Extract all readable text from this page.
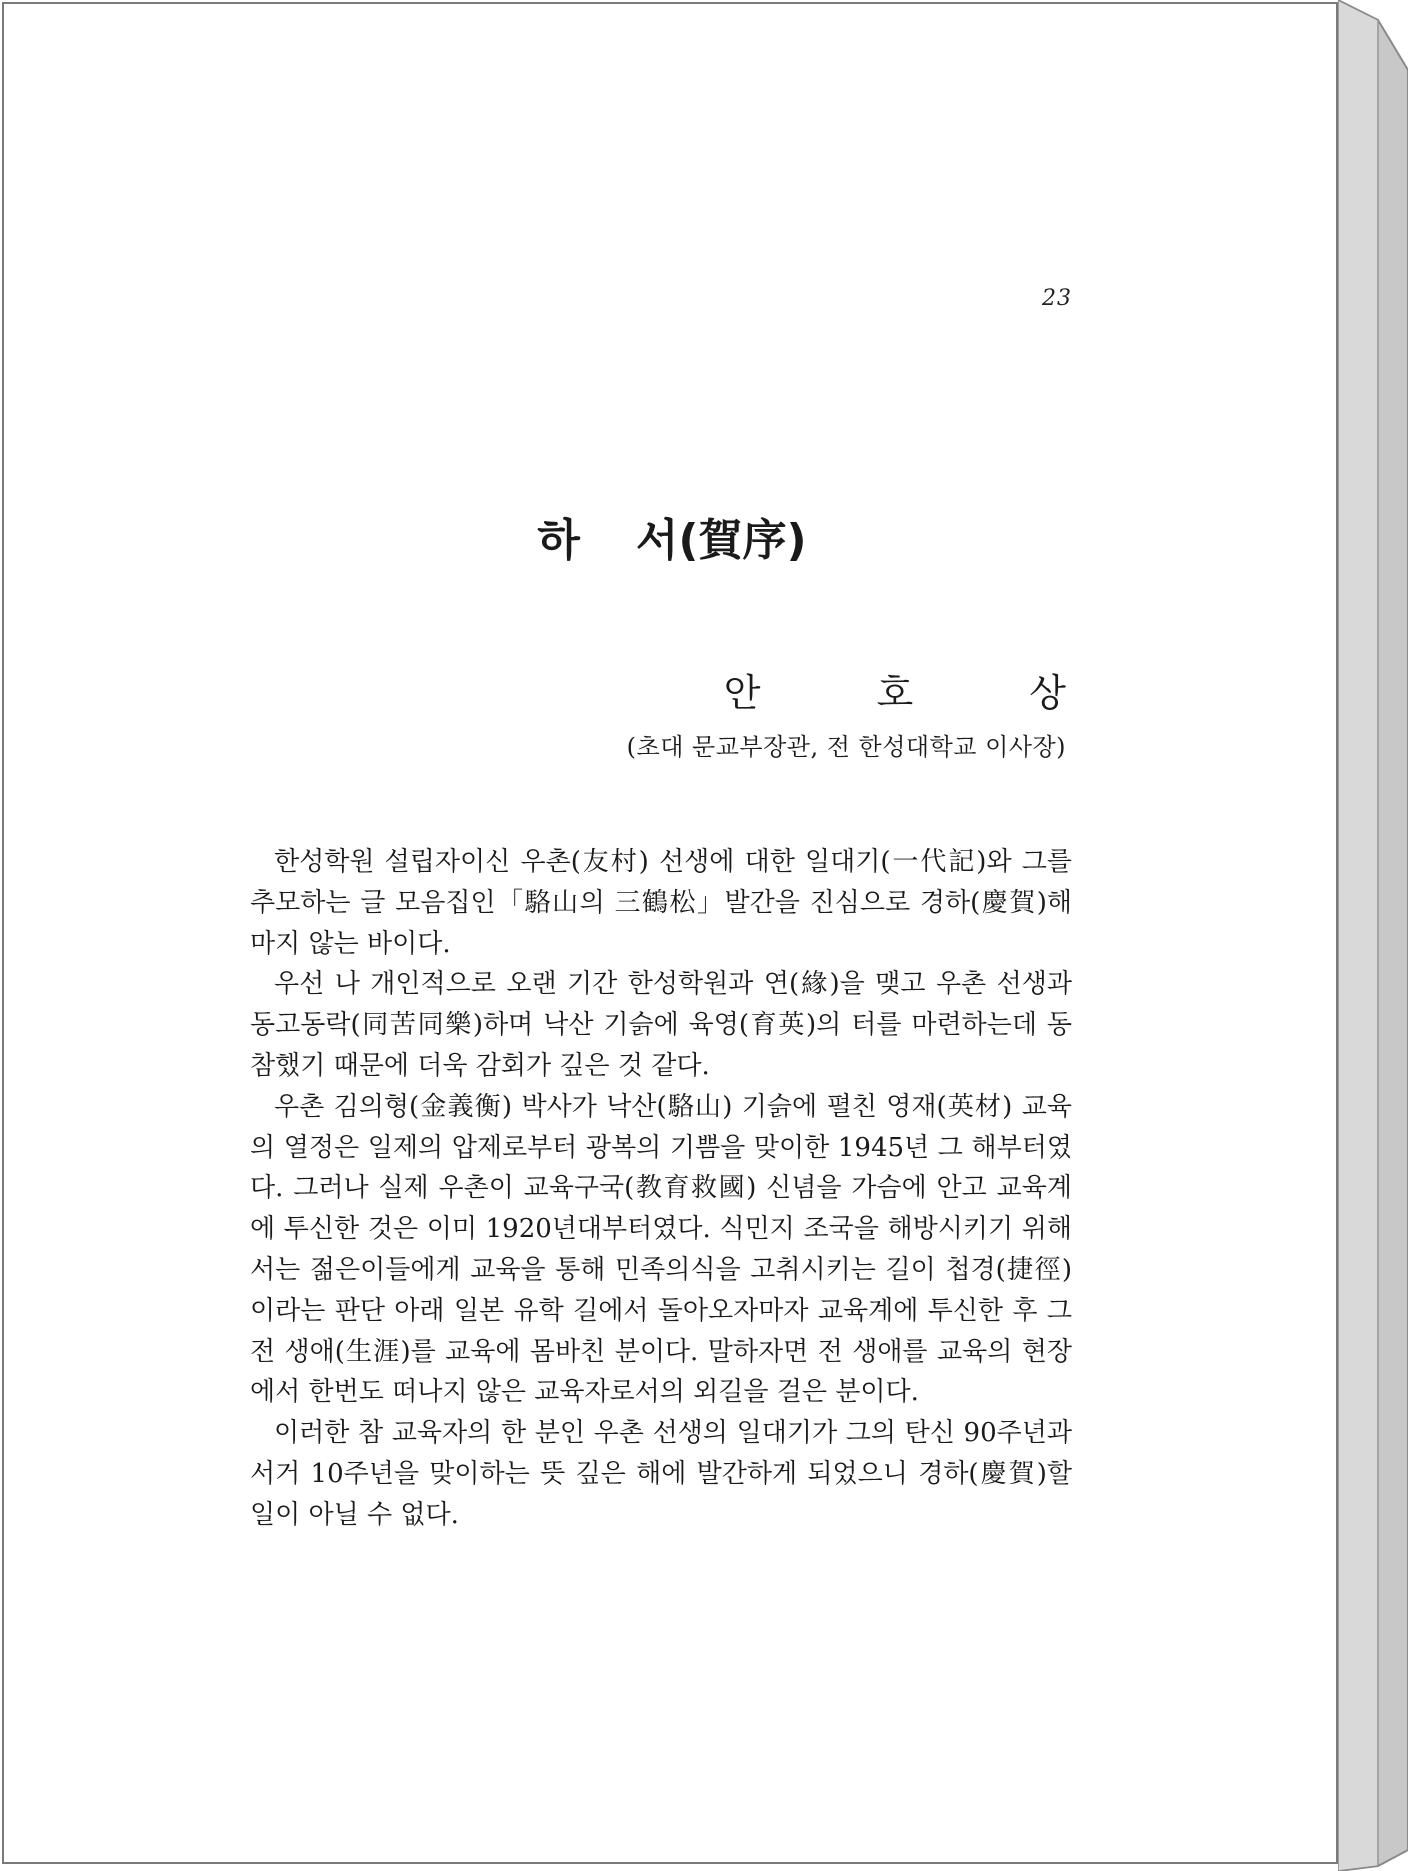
23
하 서(賀序)
안 호 상
(초대 문교부장관, 전 한성대학교 이사장)

한성학원 설립자이신 우촌(友村) 선생에 대한 일대기(一代記)와 그를 추모하는 글 모음집인「駱山의 三鶴松」발간을 진심으로 경하(慶賀)해 마지 않는 바이다.

우선 나 개인적으로 오랜 기간 한성학원과 연(緣)을 맺고 우촌 선생과 동고동락(同苦同樂)하며 낙산 기슭에 육영(育英)의 터를 마련하는데 동참했기 때문에 더욱 감회가 깊은 것 같다.

우촌 김의형(金義衡) 박사가 낙산(駱山) 기슭에 펼친 영재(英材) 교육의 열정은 일제의 압제로부터 광복의 기쁨을 맞이한 1945년 그 해부터였다. 그러나 실제 우촌이 교육구국(教育救國) 신념을 가슴에 안고 교육계에 투신한 것은 이미 1920년대부터였다. 식민지 조국을 해방시키기 위해서는 젊은이들에게 교육을 통해 민족의식을 고취시키는 길이 첩경(捷徑)이라는 판단 아래 일본 유학 길에서 돌아오자마자 교육계에 투신한 후 그 전 생애(生涯)를 교육에 몸바친 분이다. 말하자면 전 생애를 교육의 현장에서 한번도 떠나지 않은 교육자로서의 외길을 걸은 분이다.

이러한 참 교육자의 한 분인 우촌 선생의 일대기가 그의 탄신 90주년과 서거 10주년을 맞이하는 뜻 깊은 해에 발간하게 되었으니 경하(慶賀)할 일이 아닐 수 없다.
